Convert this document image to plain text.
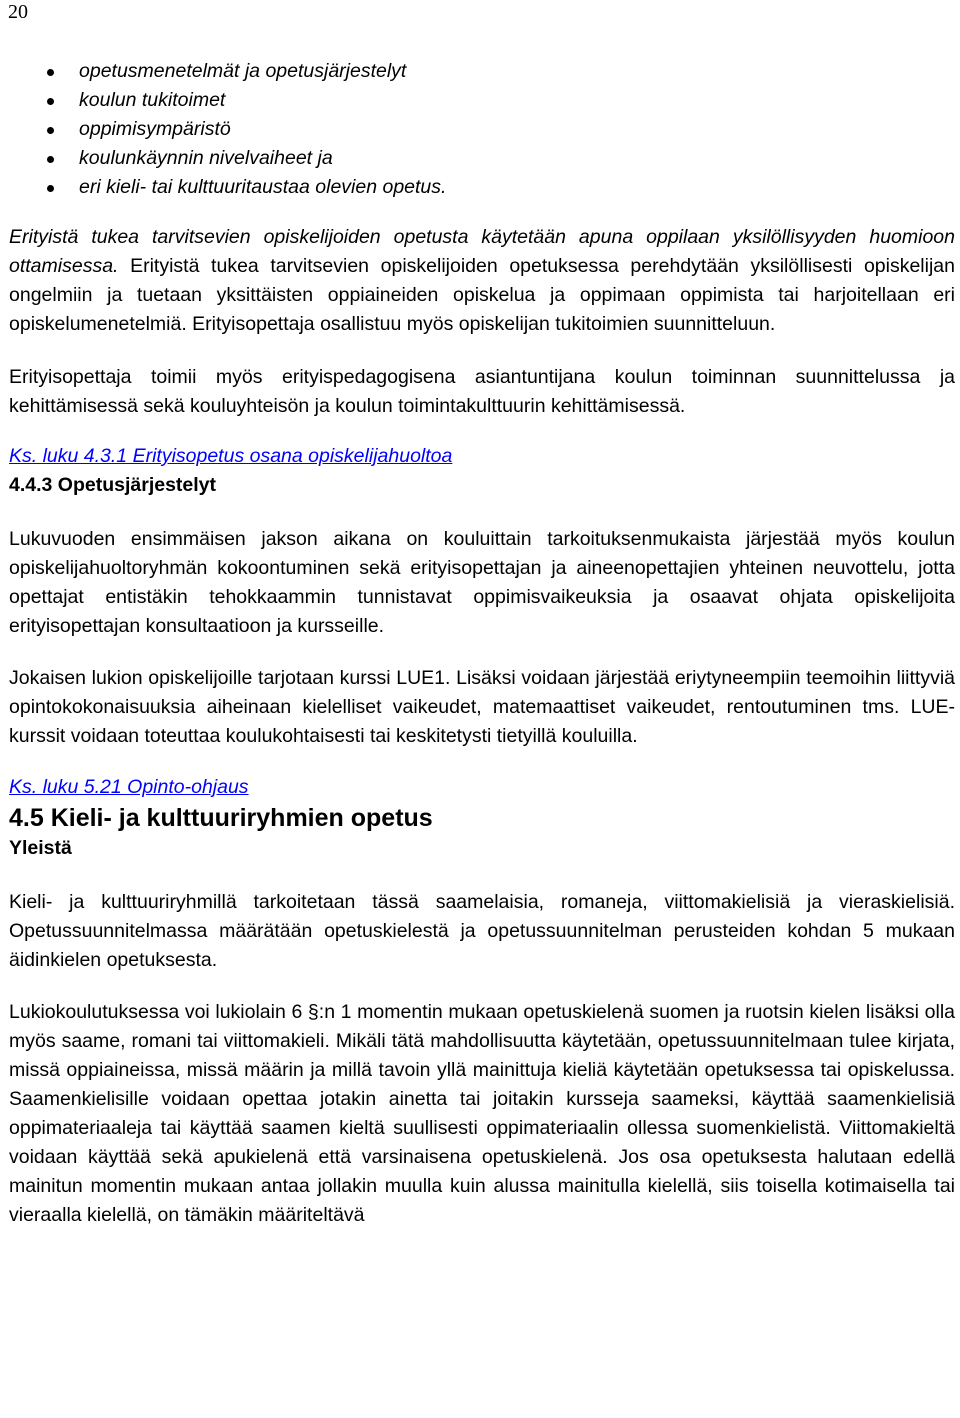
20
opetusmenetelmät ja opetusjärjestelyt
koulun tukitoimet
oppimisympäristö
koulunkäynnin nivelvaiheet ja
eri kieli- tai kulttuuritaustaa olevien opetus.

Erityistä tukea tarvitsevien opiskelijoiden opetusta käytetään apuna oppilaan yksilöllisyyden huomioon ottamisessa. Erityistä tukea tarvitsevien opiskelijoiden opetuksessa perehdytään yksilöllisesti opiskelijan ongelmiin ja tuetaan yksittäisten oppiaineiden opiskelua ja oppimaan oppimista tai harjoitellaan eri opiskelumenetelmiä. Erityisopettaja osallistuu myös opiskelijan tukitoimien suunnitteluun.

Erityisopettaja toimii myös erityispedagogisena asiantuntijana koulun toiminnan suunnittelussa ja kehittämisessä sekä kouluyhteisön ja koulun toimintakulttuurin kehittämisessä.

Ks. luku 4.3.1 Erityisopetus osana opiskelijahuoltoa
4.4.3 Opetusjärjestelyt

Lukuvuoden ensimmäisen jakson aikana on kouluittain tarkoituksenmukaista järjestää myös koulun opiskelijahuoltoryhmän kokoontuminen sekä erityisopettajan ja aineenopettajien yhteinen neuvottelu, jotta opettajat entistäkin tehokkaammin tunnistavat oppimisvaikeuksia ja osaavat ohjata opiskelijoita erityisopettajan konsultaatioon ja kursseille.

Jokaisen lukion opiskelijoille tarjotaan kurssi LUE1. Lisäksi voidaan järjestää eriytyneempiin teemoihin liittyviä opintokokonaisuuksia aiheinaan kielelliset vaikeudet, matemaattiset vaikeudet, rentoutuminen tms. LUE-kurssit voidaan toteuttaa koulukohtaisesti tai keskitetysti tietyillä kouluilla.

Ks. luku 5.21 Opinto-ohjaus
4.5 Kieli- ja kulttuuriryhmien opetus
Yleistä

Kieli- ja kulttuuriryhmillä tarkoitetaan tässä saamelaisia, romaneja, viittomakielisiä ja vieraskielisiä. Opetussuunnitelmassa määrätään opetuskielestä ja opetussuunnitelman perusteiden kohdan 5 mukaan äidinkielen opetuksesta.

Lukiokoulutuksessa voi lukiolain 6 §:n 1 momentin mukaan opetuskielenä suomen ja ruotsin kielen lisäksi olla myös saame, romani tai viittomakieli. Mikäli tätä mahdollisuutta käytetään, opetussuunnitelmaan tulee kirjata, missä oppiaineissa, missä määrin ja millä tavoin yllä mainittuja kieliä käytetään opetuksessa tai opiskelussa. Saamenkielisille voidaan opettaa jotakin ainetta tai joitakin kursseja saameksi, käyttää saamenkielisiä oppimateriaaleja tai käyttää saamen kieltä suullisesti oppimateriaalin ollessa suomenkielistä. Viittomakieltä voidaan käyttää sekä apukielenä että varsinaisena opetuskielenä. Jos osa opetuksesta halutaan edellä mainitun momentin mukaan antaa jollakin muulla kuin alussa mainitulla kielellä, siis toisella kotimaisella tai vieraalla kielellä, on tämäkin määriteltävä
